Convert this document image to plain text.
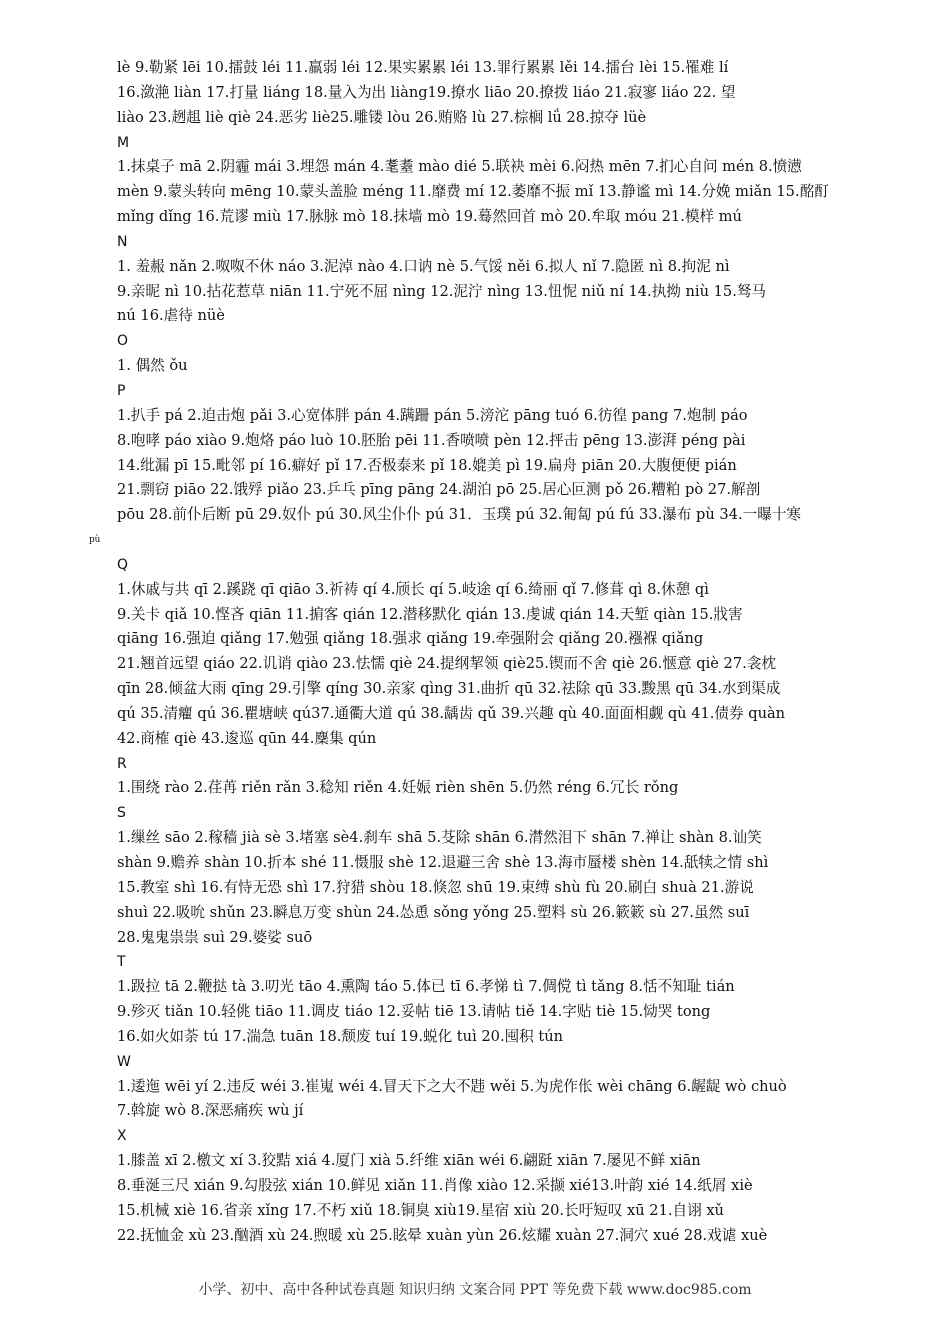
lè 9.勒紧 lēi 10.擂鼓 léi 11.羸弱 léi 12.果实累累 léi 13.罪行累累 lěi 14.擂台 lèi 15.罹难 lí
16.潋滟 liàn 17.打量 liáng 18.量入为出 liàng19.撩水 liāo 20.撩拨 liáo 21.寂寥 liáo 22. 望
liào 23.趔趄 liè qiè 24.恶劣 liè25.雕镂 lòu 26.贿赂 lù 27.棕榈 lǘ 28.掠夺 lüè
M
1.抹桌子 mā 2.阴霾 mái 3.埋怨 mán 4.耄耋 mào dié 5.联袂 mèi 6.闷热 mēn 7.扪心自问 mén 8.愤懑
mèn 9.蒙头转向 mēng 10.蒙头盖脸 méng 11.靡费 mí 12.萎靡不振 mǐ 13.静谧 mì 14.分娩 miǎn 15.酩酊
mǐng dǐng 16.荒谬 miù 17.脉脉 mò 18.抹墙 mò 19.蓦然回首 mò 20.牟取 móu 21.模样 mú
N
1. 羞赧 nǎn 2.呶呶不休 náo 3.泥淖 nào 4.口讷 nè 5.气馁 něi 6.拟人 nǐ 7.隐匿 nì 8.拘泥 nì
9.亲昵 nì 10.拈花惹草 niān 11.宁死不屈 nìng 12.泥泞 nìng 13.忸怩 niǔ ní 14.执拗 niù 15.驽马
nú 16.虐待 nüè
O
1. 偶然 ǒu
P
1.扒手 pá 2.迫击炮 pǎi 3.心宽体胖 pán 4.蹒跚 pán 5.滂沱 pāng tuó 6.彷徨 pang 7.炮制 páo
8.咆哮 páo xiào 9.炮烙 páo luò 10.胚胎 pēi 11.香喷喷 pèn 12.抨击 pēng 13.澎湃 péng pài
14.纰漏 pī 15.毗邻 pí 16.癖好 pǐ 17.否极泰来 pǐ 18.媲美 pì 19.扁舟 piān 20.大腹便便 pián
21.剽窃 piāo 22.饿殍 piǎo 23.乒乓 pīng pāng 24.湖泊 pō 25.居心叵测 pǒ 26.糟粕 pò 27.解剖
pōu 28.前仆后断 pū 29.奴仆 pú 30.风尘仆仆 pú 31．玉璞 pú 32.匍匐 pú fú 33.瀑布 pù 34.一曝十寒
pù
Q
1.休戚与共 qī 2.蹊跷 qī qiāo 3.祈祷 qí 4.颀长 qí 5.岐途 qí 6.绮丽 qǐ 7.修葺 qì 8.休憩 qì
9.关卡 qiǎ 10.悭吝 qiān 11.掮客 qián 12.潜移默化 qián 13.虔诚 qián 14.天堑 qiàn 15.戕害
qiāng 16.强迫 qiǎng 17.勉强 qiǎng 18.强求 qiǎng 19.牵强附会 qiǎng 20.襁褓 qiǎng
21.翘首远望 qiáo 22.讥诮 qiào 23.怯懦 qiè 24.提纲挈领 qiè25.锲而不舍 qiè 26.惬意 qiè 27.衾枕
qīn 28.倾盆大雨 qīng 29.引擎 qíng 30.亲家 qìng 31.曲折 qū 32.祛除 qū 33.黢黑 qū 34.水到渠成
qú 35.清癯 qú 36.瞿塘峡 qú37.通衢大道 qú 38.龋齿 qǔ 39.兴趣 qù 40.面面相觑 qù 41.债券 quàn
42.商榷 qiè 43.逡巡 qūn 44.麇集 qún
R
1.围绕 rào 2.荏苒 riěn rǎn 3.稔知 riěn 4.妊娠 rièn shēn 5.仍然 réng 6.冗长 rǒng
S
1.缫丝 sāo 2.稼穑 jià sè 3.堵塞 sè4.刹车 shā 5.芟除 shān 6.潸然泪下 shān 7.禅让 shàn 8.讪笑
shàn 9.赡养 shàn 10.折本 shé 11.慑服 shè 12.退避三舍 shè 13.海市蜃楼 shèn 14.舐犊之情 shì
15.教室 shì 16.有恃无恐 shì 17.狩猎 shòu 18.倏忽 shū 19.束缚 shù fù 20.刷白 shuà 21.游说
shuì 22.吸吮 shǔn 23.瞬息万变 shùn 24.怂恿 sǒng yǒng 25.塑料 sù 26.簌簌 sù 27.虽然 suī
28.鬼鬼祟祟 suì 29.婆娑 suō
T
1.趿拉 tā 2.鞭挞 tà 3.叨光 tāo 4.熏陶 táo 5.体已 tī 6.孝悌 tì 7.倜傥 tì tǎng 8.恬不知耻 tián
9.殄灭 tiǎn 10.轻佻 tiāo 11.调皮 tiáo 12.妥帖 tiē 13.请帖 tiě 14.字贴 tiè 15.恸哭 tong
16.如火如荼 tú 17.湍急 tuān 18.颓废 tuí 19.蜕化 tuì 20.囤积 tún
W
1.逶迤 wēi yí 2.违反 wéi 3.崔嵬 wéi 4.冒天下之大不韪 wěi 5.为虎作伥 wèi chāng 6.龌龊 wò chuò
7.斡旋 wò 8.深恶痛疾 wù jí
X
1.膝盖 xī 2.檄文 xí 3.狡黠 xiá 4.厦门 xià 5.纤维 xiān wéi 6.翩跹 xiān 7.屡见不鲜 xiān
8.垂涎三尺 xián 9.勾股弦 xián 10.鲜见 xiǎn 11.肖像 xiào 12.采撷 xié13.叶韵 xié 14.纸屑 xiè
15.机械 xiè 16.省亲 xǐng 17.不朽 xiǔ 18.铜臭 xiù19.星宿 xiù 20.长吁短叹 xū 21.自诩 xǔ
22.抚恤金 xù 23.酗酒 xù 24.煦暖 xù 25.眩晕 xuàn yùn 26.炫耀 xuàn 27.洞穴 xué 28.戏谑 xuè
小学、初中、高中各种试卷真题 知识归纳 文案合同 PPT 等免费下载 www.doc985.com
